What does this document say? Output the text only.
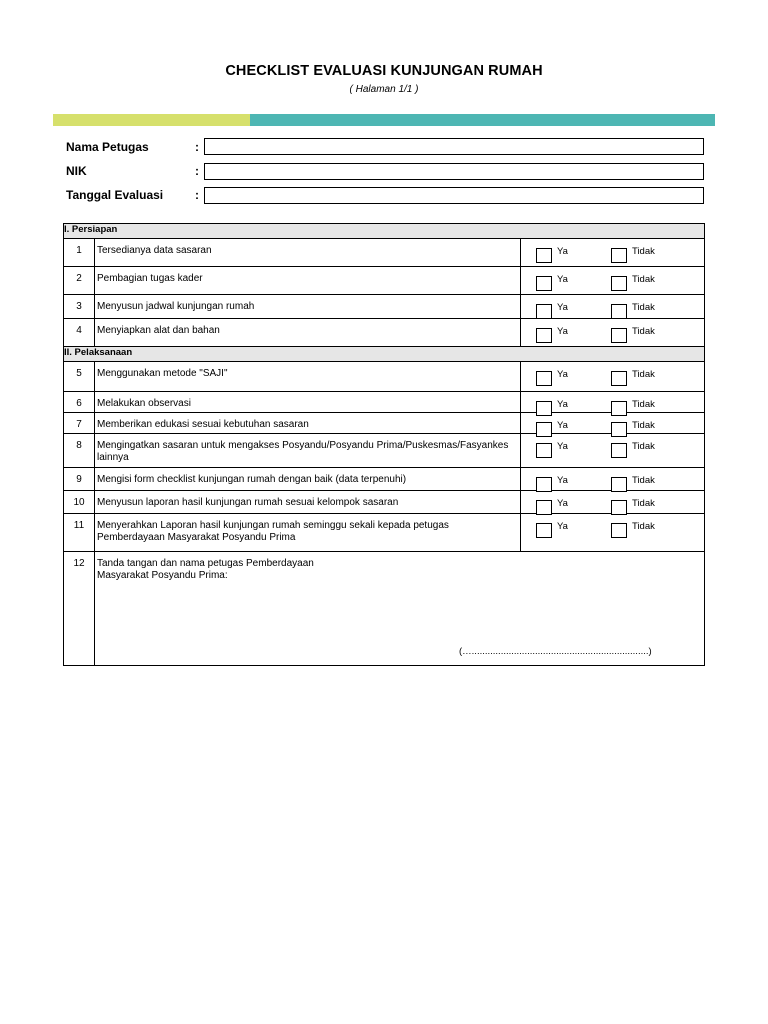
CHECKLIST EVALUASI KUNJUNGAN RUMAH
( Halaman 1/1 )
Nama Petugas	:
NIK	:
Tanggal Evaluasi	:
I. Persiapan		
1	Tersedianya data sasaran	Ya Tidak

2	Pembagian tugas kader	Ya Tidak

3	Menyusun jadwal kunjungan rumah	Ya Tidak

4	Menyiapkan alat dan bahan	Ya Tidak

II. Pelaksanaan		
5	Menggunakan metode "SAJI"	Ya Tidak

6	Melakukan observasi	Ya Tidak

7	Memberikan edukasi sesuai kebutuhan sasaran	Ya Tidak

8	Mengingatkan sasaran untuk mengakses Posyandu/Posyandu Prima/Puskesmas/Fasyankes lainnya	Ya Tidak

9	Mengisi form checklist kunjungan rumah dengan baik (data terpenuhi)	Ya Tidak

10	Menyusun laporan hasil kunjungan rumah sesuai kelompok sasaran	Ya Tidak

11	Menyerahkan Laporan hasil kunjungan rumah seminggu sekali kepada petugas Pemberdayaan Masyarakat Posyandu Prima	Ya Tidak

12	Tanda tangan dan nama petugas Pemberdayaan Masyarakat Posyandu Prima:
(…...................................................................)	
